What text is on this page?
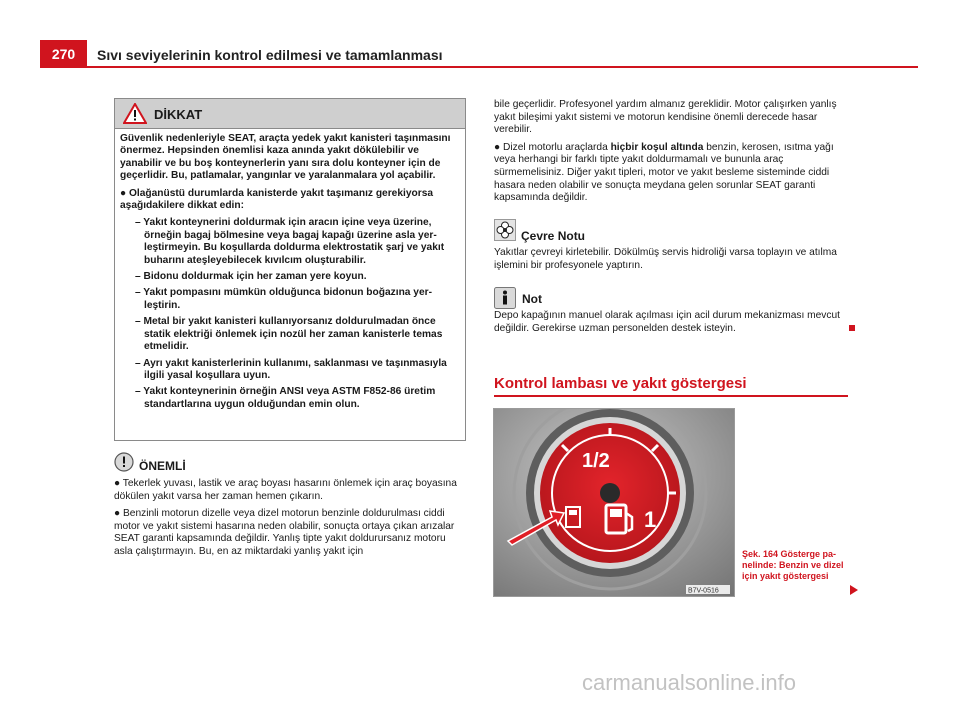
270	Sıvı seviyelerinin kontrol edilmesi ve tamamlanması
DİKKAT

Güvenlik nedenleriyle SEAT, araçta yedek yakıt kanisteri taşınmasını önermez. Hepsinden önemlisi kaza anında yakıt dökülebilir ve yanabilir ve bu boş konteynerlerin yanı sıra dolu konteyner için de geçerlidir. Bu, patlamalar, yangınlar ve yaralanmalara yol açabilir.

● Olağanüstü durumlarda kanisterde yakıt taşımanız gerekiyorsa aşağıdakilere dikkat edin:

– Yakıt konteynerini doldurmak için aracın içine veya üzerine, örneğin bagaj bölmesine veya bagaj kapağı üzerine asla yerleştirmeyin. Bu koşullarda doldurma elektrostatik şarj ve yakıt buharını ateşleyebilecek kıvılcım oluşturabilir.

– Bidonu doldurmak için her zaman yere koyun.

– Yakıt pompasını mümkün olduğunca bidonun boğazına yerleştirin.

– Metal bir yakıt kanisteri kullanıyorsanız doldurulmadan önce statik elektriği önlemek için nozül her zaman kanisterle temas etmelidir.

– Ayrı yakıt kanisterlerinin kullanımı, saklanması ve taşınmasıyla ilgili yasal koşullara uyun.

– Yakıt konteynerinin örneğin ANSI veya ASTM F852-86 üretim standartlarına uygun olduğundan emin olun.

ÖNEMLİ

● Tekerlek yuvası, lastik ve araç boyası hasarını önlemek için araç boyasına dökülen yakıt varsa her zaman hemen çıkarın.

● Benzinli motorun dizelle veya dizel motorun benzinle doldurulması ciddi motor ve yakıt sistemi hasarına neden olabilir, sonuçta ortaya çıkan arızalar SEAT garanti kapsamında değildir. Yanlış tipte yakıt doldurursanız motoru asla çalıştırmayın. Bu, en az miktardaki yanlış yakıt için

bile geçerlidir. Profesyonel yardım almanız gereklidir. Motor çalışırken yanlış yakıt bileşimi yakıt sistemi ve motorun kendisine önemli derecede hasar verebilir.

● Dizel motorlu araçlarda hiçbir koşul altında benzin, kerosen, ısıtma yağı veya herhangi bir farklı tipte yakıt doldurmamalı ve bununla araç sürmemelisiniz. Diğer yakıt tipleri, motor ve yakıt besleme sisteminde ciddi hasara neden olabilir ve sonuçta meydana gelen sorunlar SEAT garanti kapsamında değildir.

Çevre Notu

Yakıtlar çevreyi kirletebilir. Dökülmüş servis hidroliği varsa toplayın ve atılma işlemini bir profesyonele yaptırın.

Not

Depo kapağının manuel olarak açılması için acil durum mekanizması mevcut değildir. Gerekirse uzman personelden destek isteyin.

Kontrol lambası ve yakıt göstergesi
1/2
1
B7V-0516
Şek. 164 Gösterge panelinde: Benzin ve dizel için yakıt göstergesi
carmanualsonline.info
